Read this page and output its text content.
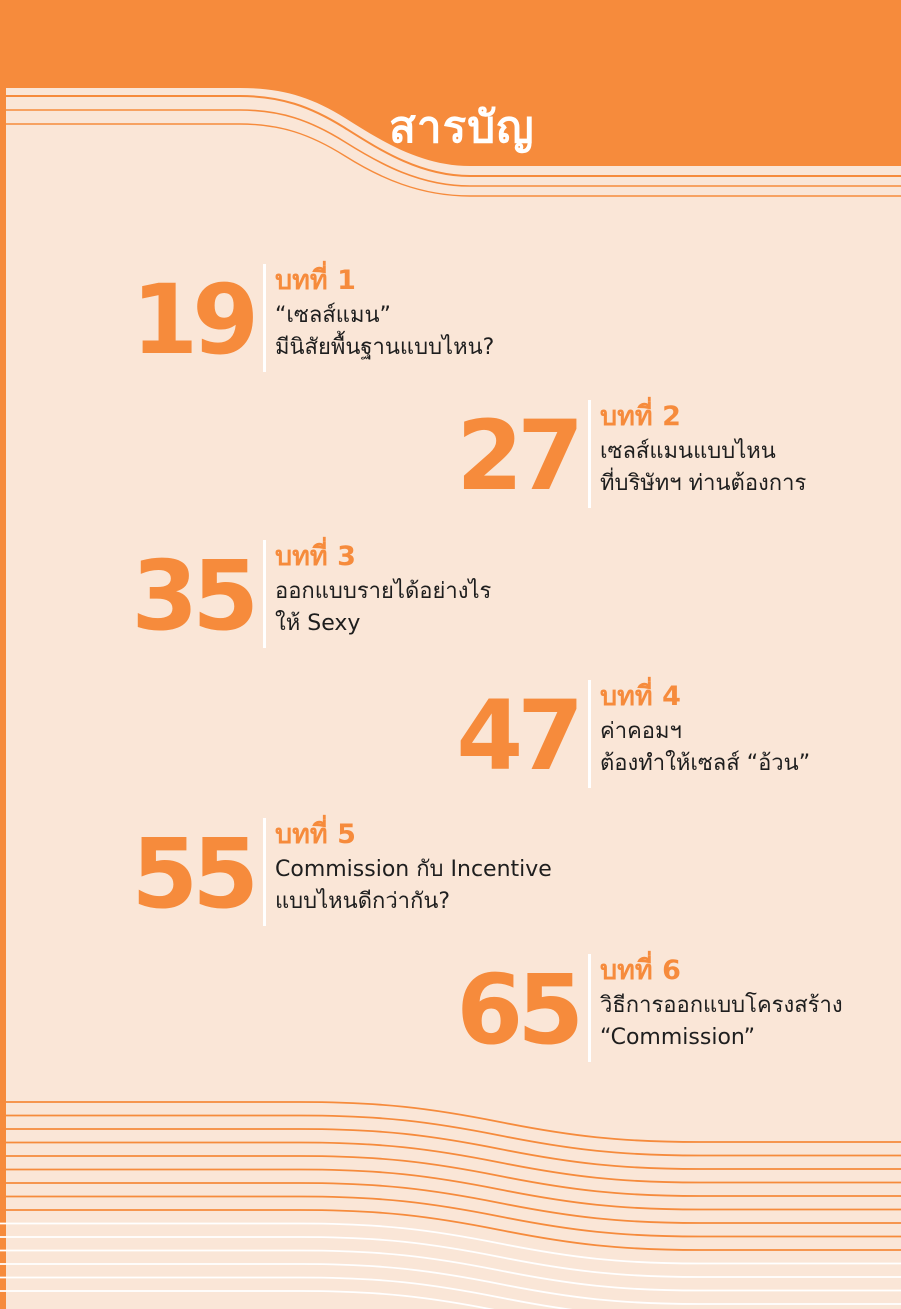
สารบัญ
19 บทที่ 1
“เซลส์แมน”
มีนิสัยพื้นฐานแบบไหน?
27 บทที่ 2
เซลส์แมนแบบไหน
ที่บริษัทฯ ท่านต้องการ
35 บทที่ 3
ออกแบบรายได้อย่างไร
ให้ Sexy
47 บทที่ 4
ค่าคอมฯ
ต้องทำให้เซลส์ “อ้วน”
55 บทที่ 5
Commission กับ Incentive
แบบไหนดีกว่ากัน?
65 บทที่ 6
วิธีการออกแบบโครงสร้าง
“Commission”
